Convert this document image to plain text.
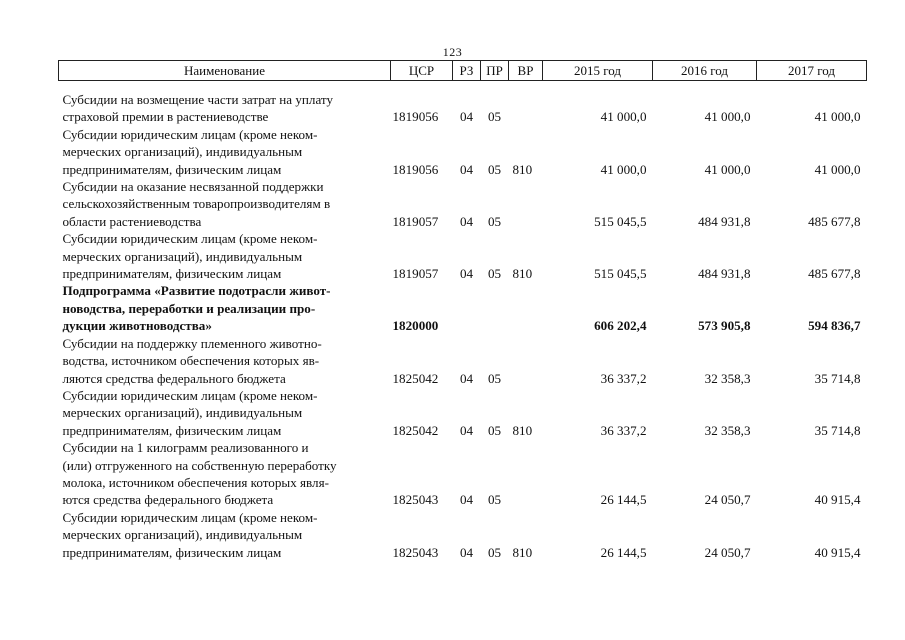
123
Наименование	ЦСР	РЗ	ПР	ВР	2015 год	2016 год	2017 год

Субсидии на возмещение части затрат на уплату
страховой премии в растениеводстве	1819056	04	05		41 000,0	41 000,0	41 000,0

Субсидии юридическим лицам (кроме неком-
мерческих организаций), индивидуальным
предпринимателям, физическим лицам	1819056	04	05	810	41 000,0	41 000,0	41 000,0

Субсидии на оказание несвязанной поддержки
сельскохозяйственным товаропроизводителям в
области растениеводства	1819057	04	05		515 045,5	484 931,8	485 677,8

Субсидии юридическим лицам (кроме неком-
мерческих организаций), индивидуальным
предпринимателям, физическим лицам	1819057	04	05	810	515 045,5	484 931,8	485 677,8

Подпрограмма «Развитие подотрасли живот-
новодства, переработки и реализации про-
дукции животноводства»	1820000				606 202,4	573 905,8	594 836,7

Субсидии на поддержку племенного животно-
водства, источником обеспечения которых яв-
ляются средства федерального бюджета	1825042	04	05		36 337,2	32 358,3	35 714,8

Субсидии юридическим лицам (кроме неком-
мерческих организаций), индивидуальным
предпринимателям, физическим лицам	1825042	04	05	810	36 337,2	32 358,3	35 714,8

Субсидии на 1 килограмм реализованного и
(или) отгруженного на собственную переработку
молока, источником обеспечения которых явля-
ются средства федерального бюджета	1825043	04	05		26 144,5	24 050,7	40 915,4

Субсидии юридическим лицам (кроме неком-
мерческих организаций), индивидуальным
предпринимателям, физическим лицам	1825043	04	05	810	26 144,5	24 050,7	40 915,4
